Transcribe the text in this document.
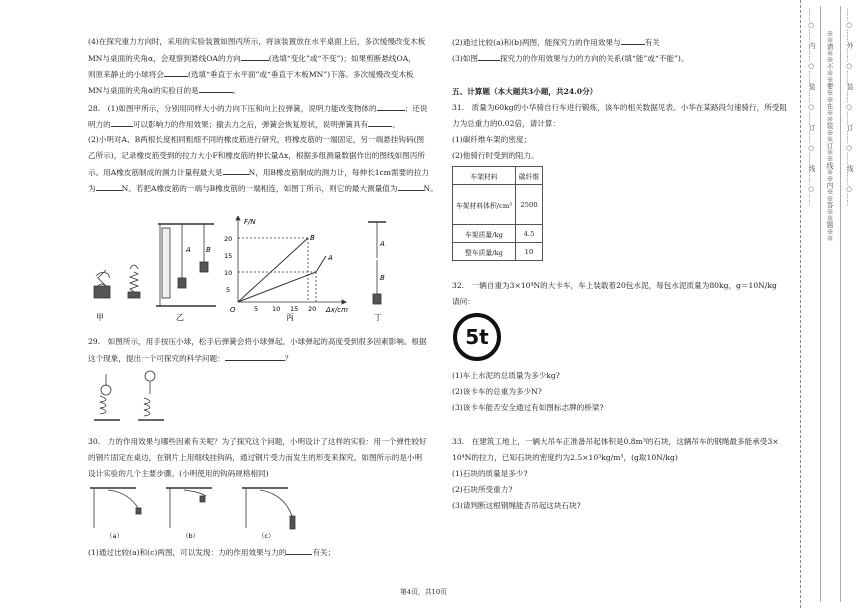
(4)在探究重力方向时，采用的实验装置如图丙所示，将该装置放在水平桌面上后，多次缓慢改变木板
MN与桌面的夹角α，会观察到悬线OA的方向	(选填“变化”或“不变”)；如果剪断悬线OA，
则原来静止的小球将会	(选填“垂直于水平面”或“垂直于木板MN”)下落。多次缓慢改变木板
MN与桌面的夹角α的实验目的是	。
28.　(1)如图甲所示，分别用同样大小的力向下压和向上拉弹簧，说明力能改变物体的	；还说
明力的	可以影响力的作用效果；撤去力之后，弹簧会恢复原状，说明弹簧具有	。
(2)小明对A、B两根长度相同粗细不同的橡皮筋进行研究，将橡皮筋的一端固定，另一端悬挂钩码(图
乙所示)，记录橡皮筋受到的拉力大小F和橡皮筋的伸长量Δx，根据多组测量数据作出的图线如图丙所
示。用A橡皮筋制成的测力计量程最大是	N，用B橡皮筋制成的测力计，每伸长1cm需要的拉力
为	N。若把A橡皮筋的一端与B橡皮筋的一端相连，如图丁所示，则它的最大测量值为	N。
甲
A B
乙
F/N
Δx/cm
O
5
10
15
20
5 10 15 20
B
A
丙
A
B
丁
29.　如图所示，用手按压小球，松手后弹簧会将小球弹起。小球弹起的高度受到很多因素影响。根据
这个现象，提出一个可探究的科学问题：	？
30.　力的作用效果与哪些因素有关呢？为了探究这个问题，小明设计了这样的实验：用一个弹性较好
的钢片固定在桌边，在钢片上用细线挂钩码，通过钢片受力而发生的形变来探究，如图所示的是小明
设计实验的几个主要步骤。(小明使用的钩码规格相同)
（a）	（b）	（c）
(1)通过比较(a)和(c)两图，可以发现：力的作用效果与力的	有关；
(2)通过比较(a)和(b)两图，能探究力的作用效果与	有关
(3)如图	探究力的作用效果与力的方向的关系(填“能”或“不能”)。
五、计算题（本大题共3小题，共24.0分）
31.　质量为60kg的小华骑自行车进行锻炼，该车的相关数据见表。小华在某路段匀速骑行，所受阻
力为总重力的0.02倍，请计算：
(1)碳纤维车架的密度；
(2)他骑行时受到的阻力。
车架材料	碳纤维
车架材料体积/cm³	2500
车架质量/kg	4.5
整车质量/kg	10
32.　一辆自重为3×10⁴N的大卡车，车上装载着20包水泥，每包水泥质量为80kg，g＝10N/kg
请问：
5t
(1)车上水泥的总质量为多少kg?
(2)该卡车的总重为多少N?
(3)该卡车能否安全通过有如图标志牌的桥梁?
33.　在建筑工地上，一辆大吊车正准备吊起体积是0.8m³的石块，这辆吊车的钢绳最多能承受3×
10⁴N的拉力，已知石块的密度约为2.5×10³kg/m³，(g取10N/kg)
(1)石块的质量是多少?
(2)石块所受重力?
(3)请判断这根钢绳能否吊起这块石块?
第4页，共10页
……○……内……○……装……○……订……○……线……○…… ※※请※※不※※要※※在※※装※※订※※线※※内※※答※※题※※ ……○……外……○……装……○……订……○……线……○……
